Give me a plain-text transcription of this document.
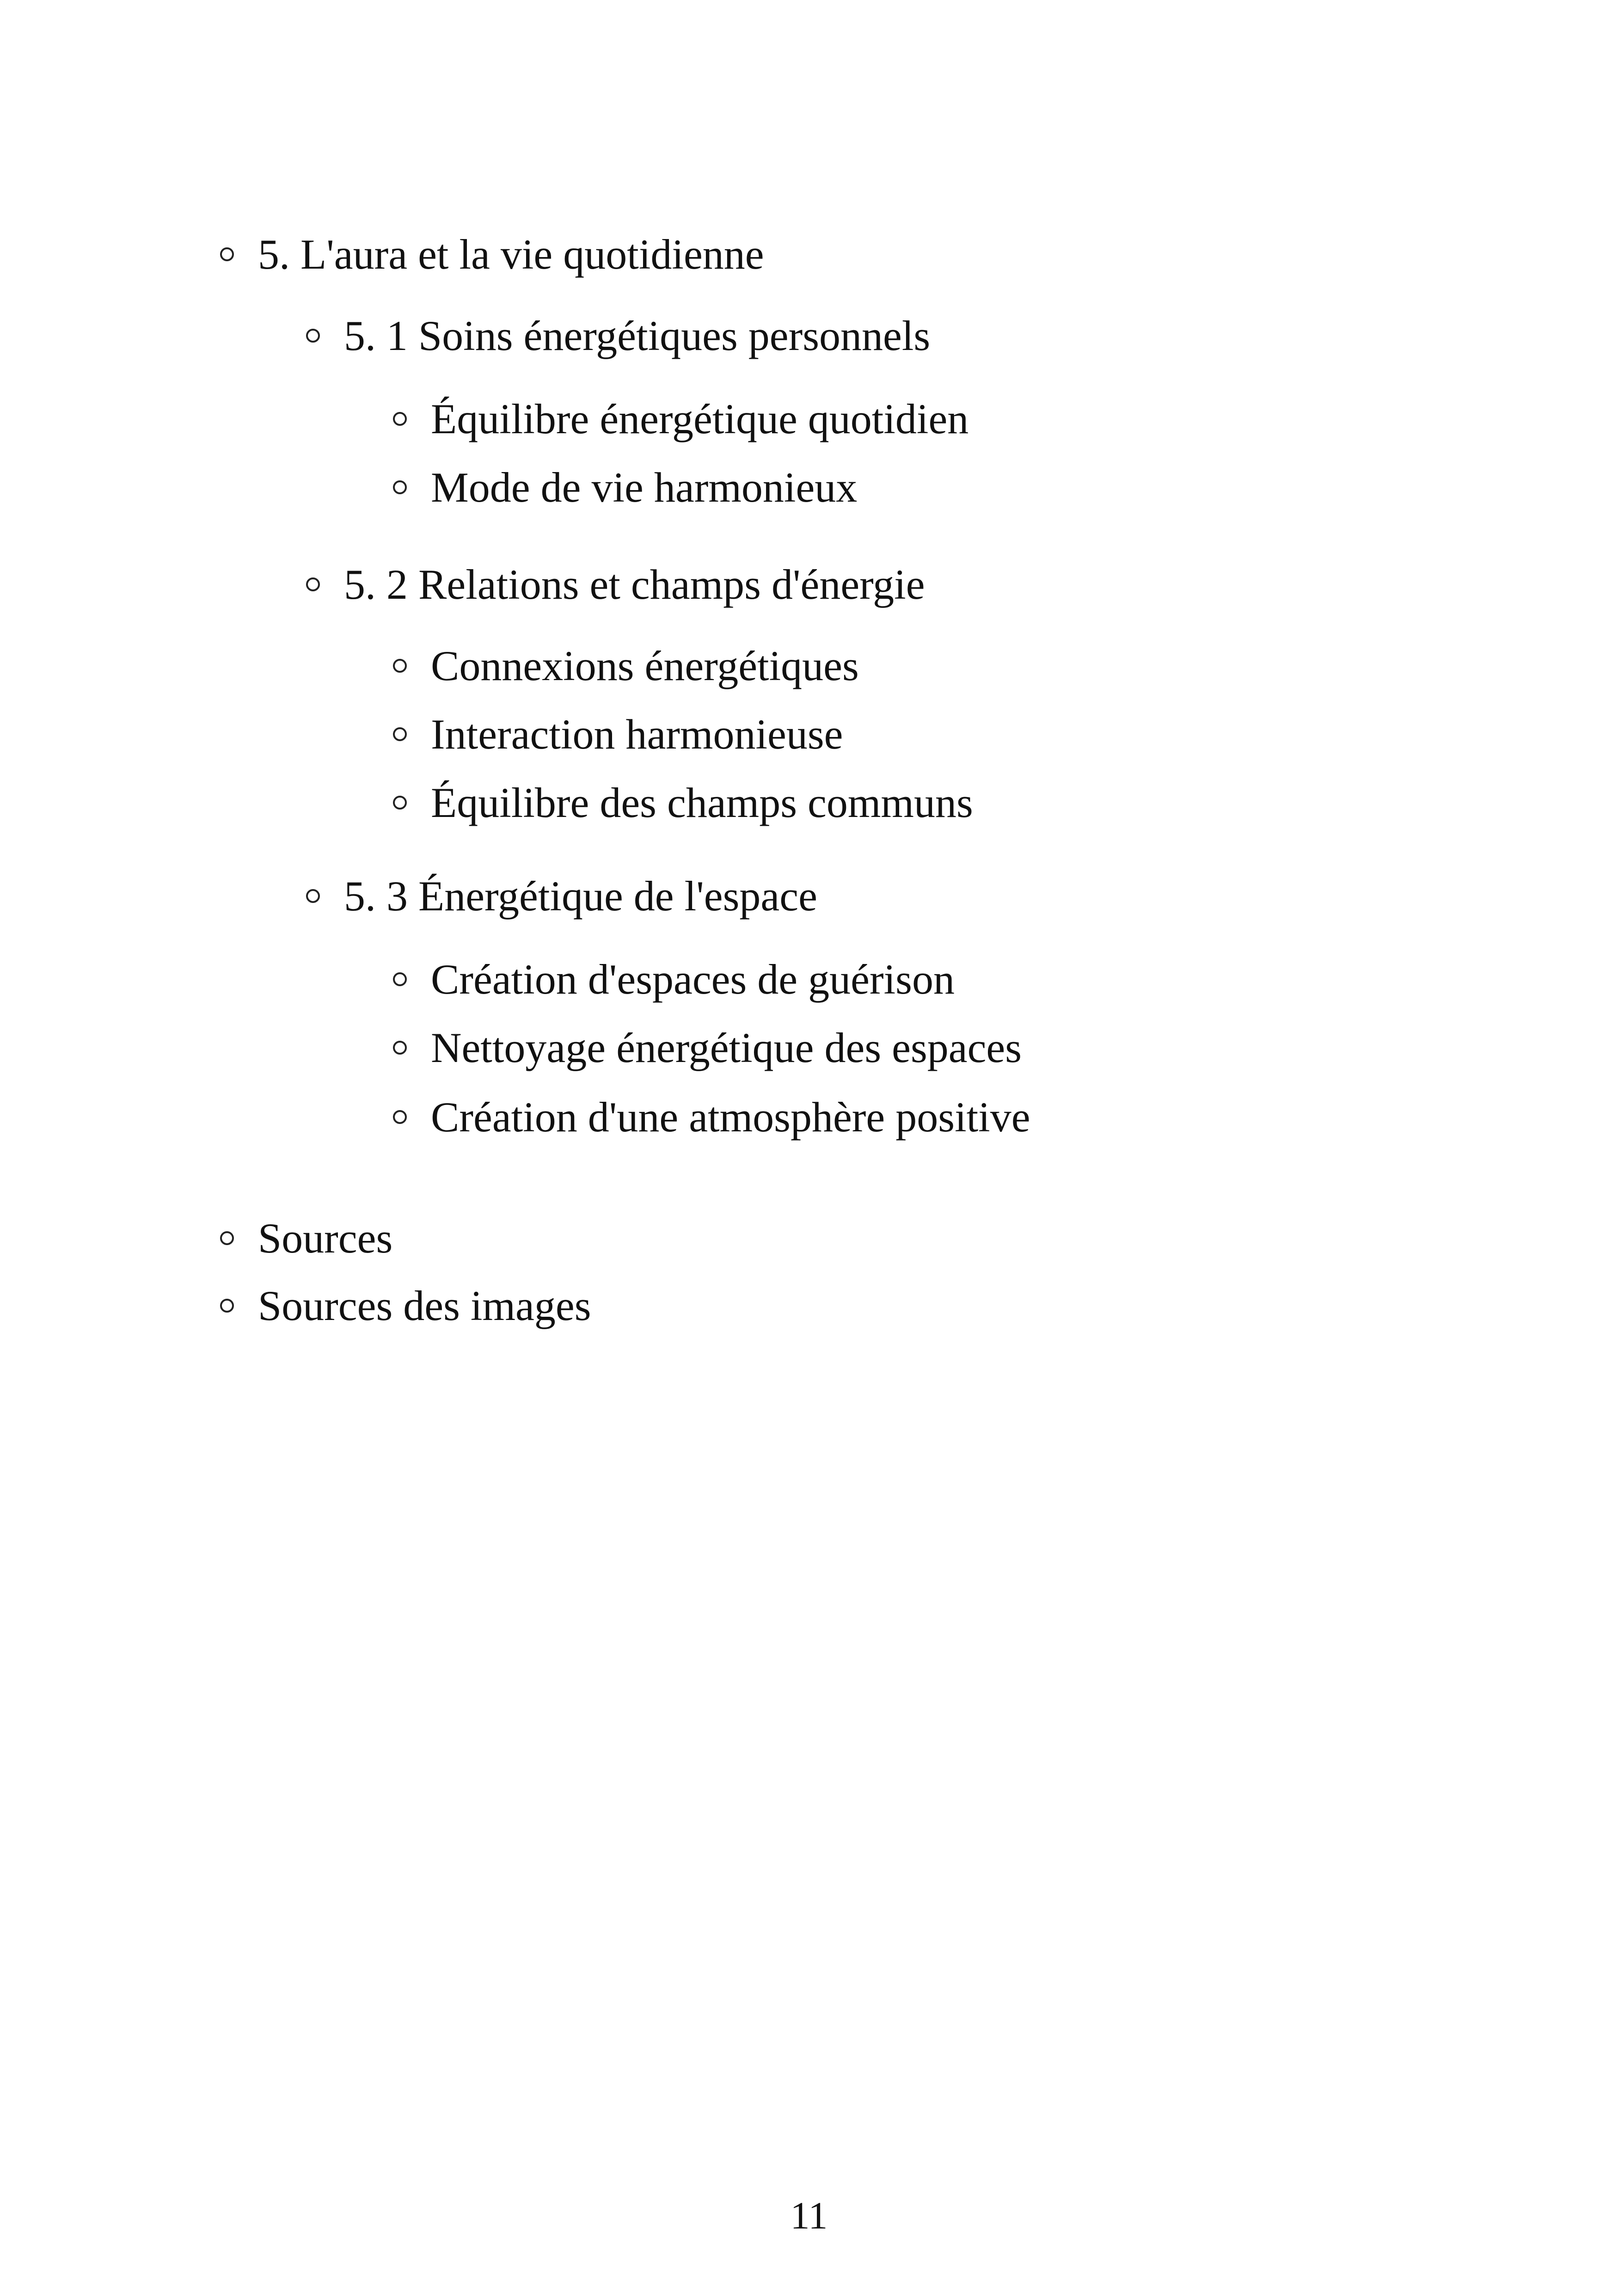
5. L'aura et la vie quotidienne
5. 1 Soins énergétiques personnels
Équilibre énergétique quotidien
Mode de vie harmonieux
5. 2 Relations et champs d'énergie
Connexions énergétiques
Interaction harmonieuse
Équilibre des champs communs
5. 3 Énergétique de l'espace
Création d'espaces de guérison
Nettoyage énergétique des espaces
Création d'une atmosphère positive
Sources
Sources des images
11
